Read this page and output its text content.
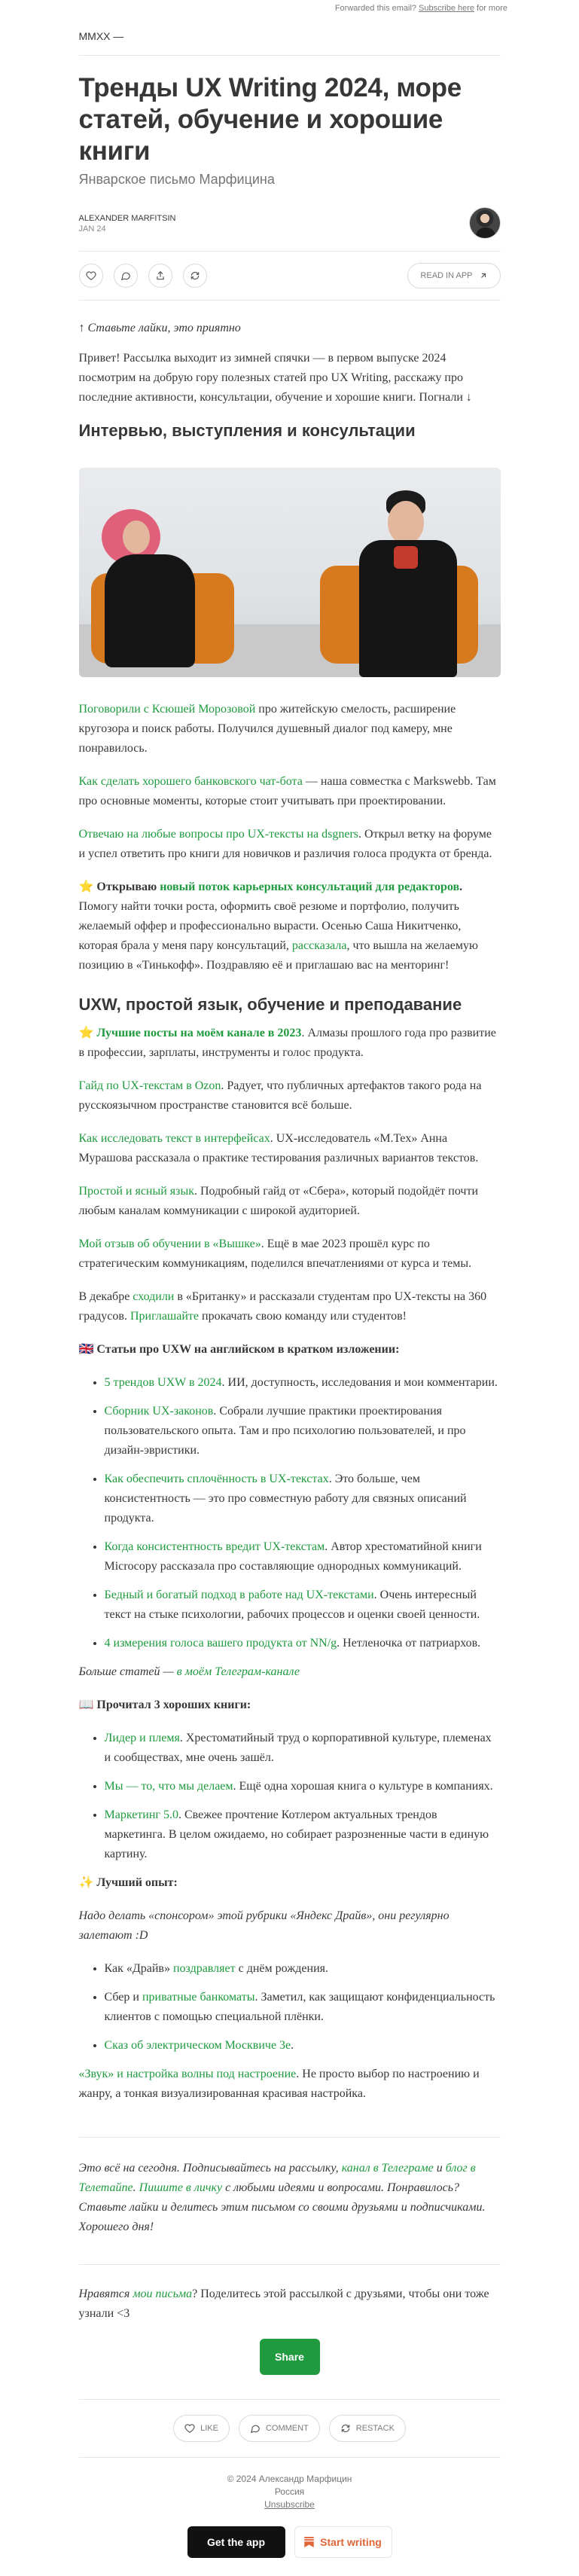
Forwarded this email? Subscribe here for more
MMXX —
Тренды UX Writing 2024, море статей, обучение и хорошие книги
Январское письмо Марфицина
ALEXANDER MARFITSIN
JAN 24
READ IN APP
↑ Ставьте лайки, это приятно

Привет! Рассылка выходит из зимней спячки — в первом выпуске 2024 посмотрим на добрую гору полезных статей про UX Writing, расскажу про последние активности, консультации, обучение и хорошие книги. Погнали ↓

Интервью, выступления и консультации

Поговорили с Ксюшей Морозовой про житейскую смелость, расширение кругозора и поиск работы. Получился душевный диалог под камеру, мне понравилось.

Как сделать хорошего банковского чат-бота — наша совместка с Markswebb. Там про основные моменты, которые стоит учитывать при проектировании.

Отвечаю на любые вопросы про UX-тексты на dsgners. Открыл ветку на форуме и успел ответить про книги для новичков и различия голоса продукта от бренда.

⭐ Открываю новый поток карьерных консультаций для редакторов. Помогу найти точки роста, оформить своё резюме и портфолио, получить желаемый оффер и профессионально вырасти. Осенью Саша Никитченко, которая брала у меня пару консультаций, рассказала, что вышла на желаемую позицию в «Тинькофф». Поздравляю её и приглашаю вас на менторинг!

UXW, простой язык, обучение и преподавание

⭐ Лучшие посты на моём канале в 2023. Алмазы прошлого года про развитие в профессии, зарплаты, инструменты и голос продукта.

Гайд по UX-текстам в Ozon. Радует, что публичных артефактов такого рода на русскоязычном пространстве становится всё больше.

Как исследовать текст в интерфейсах. UX-исследователь «M.Tex» Анна Мурашова рассказала о практике тестирования различных вариантов текстов.

Простой и ясный язык. Подробный гайд от «Сбера», который подойдёт почти любым каналам коммуникации с широкой аудиторией.

Мой отзыв об обучении в «Вышке». Ещё в мае 2023 прошёл курс по стратегическим коммуникациям, поделился впечатлениями от курса и темы.

В декабре сходили в «Британку» и рассказали студентам про UX-тексты на 360 градусов. Приглашайте прокачать свою команду или студентов!

🇬🇧 Статьи про UXW на английском в кратком изложении:

• 5 трендов UXW в 2024. ИИ, доступность, исследования и мои комментарии.
• Сборник UX-законов. Собрали лучшие практики проектирования пользовательского опыта. Там и про психологию пользователей, и про дизайн-эвристики.
• Как обеспечить сплочённость в UX-текстах. Это больше, чем консистентность — это про совместную работу для связных описаний продукта.
• Когда консистентность вредит UX-текстам. Автор хрестоматийной книги Microcopy рассказала про составляющие однородных коммуникаций.
• Бедный и богатый подход в работе над UX-текстами. Очень интересный текст на стыке психологии, рабочих процессов и оценки своей ценности.
• 4 измерения голоса вашего продукта от NN/g. Нетленочка от патриархов.

Больше статей — в моём Телеграм-канале

📖 Прочитал 3 хороших книги:

• Лидер и племя. Хрестоматийный труд о корпоративной культуре, племенах и сообществах, мне очень зашёл.
• Мы — то, что мы делаем. Ещё одна хорошая книга о культуре в компаниях.
• Маркетинг 5.0. Свежее прочтение Котлером актуальных трендов маркетинга. В целом ожидаемо, но собирает разрозненные части в единую картину.

✨ Лучший опыт:

Надо делать «спонсором» этой рубрики «Яндекс Драйв», они регулярно залетают :D

• Как «Драйв» поздравляет с днём рождения.
• Сбер и приватные банкоматы. Заметил, как защищают конфиденциальность клиентов с помощью специальной плёнки.
• Сказ об электрическом Москвиче 3е.

«Звук» и настройка волны под настроение. Не просто выбор по настроению и жанру, а тонкая визуализированная красивая настройка.

Это всё на сегодня. Подписывайтесь на рассылку, канал в Телеграме и блог в Телетайпе. Пишите в личку с любыми идеями и вопросами. Понравилось? Ставьте лайки и делитесь этим письмом со своими друзьями и подписчиками. Хорошего дня!

Нравятся мои письма? Поделитесь этой рассылкой с друзьями, чтобы они тоже узнали <3

Share
LIKE	COMMENT	RESTACK
© 2024 Александр Марфицин
Россия
Unsubscribe
Get the app	Start writing
